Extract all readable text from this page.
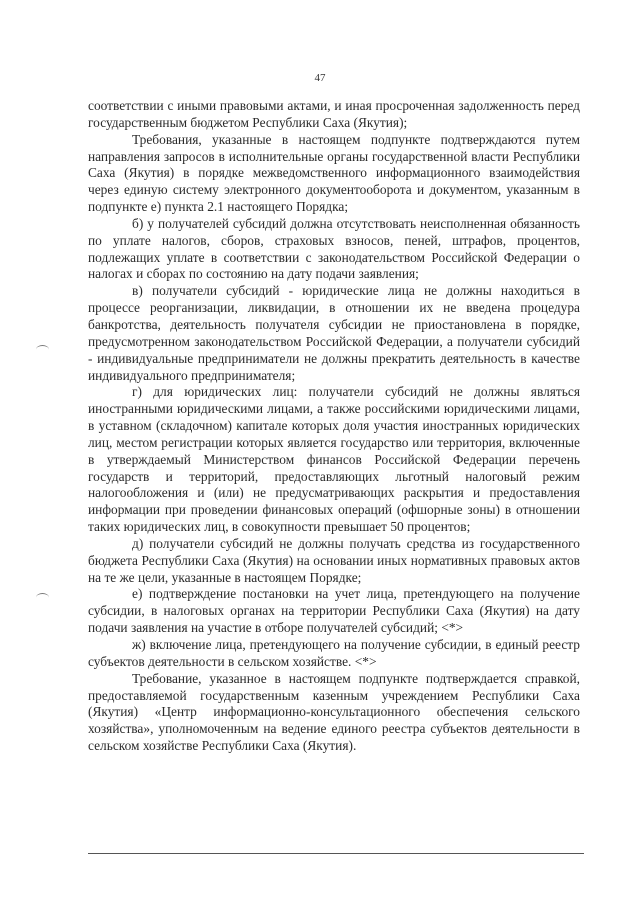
47

соответствии с иными правовыми актами, и иная просроченная задолженность перед государственным бюджетом Республики Саха (Якутия);

Требования, указанные в настоящем подпункте подтверждаются путем направления запросов в исполнительные органы государственной власти Республики Саха (Якутия) в порядке межведомственного информационного взаимодействия через единую систему электронного документооборота и документом, указанным в подпункте е) пункта 2.1 настоящего Порядка;

б) у получателей субсидий должна отсутствовать неисполненная обязанность по уплате налогов, сборов, страховых взносов, пеней, штрафов, процентов, подлежащих уплате в соответствии с законодательством Российской Федерации о налогах и сборах по состоянию на дату подачи заявления;

в) получатели субсидий - юридические лица не должны находиться в процессе реорганизации, ликвидации, в отношении их не введена процедура банкротства, деятельность получателя субсидии не приостановлена в порядке, предусмотренном законодательством Российской Федерации, а получатели субсидий - индивидуальные предприниматели не должны прекратить деятельность в качестве индивидуального предпринимателя;

г) для юридических лиц: получатели субсидий не должны являться иностранными юридическими лицами, а также российскими юридическими лицами, в уставном (складочном) капитале которых доля участия иностранных юридических лиц, местом регистрации которых является государство или территория, включенные в утверждаемый Министерством финансов Российской Федерации перечень государств и территорий, предоставляющих льготный налоговый режим налогообложения и (или) не предусматривающих раскрытия и предоставления информации при проведении финансовых операций (офшорные зоны) в отношении таких юридических лиц, в совокупности превышает 50 процентов;

д) получатели субсидий не должны получать средства из государственного бюджета Республики Саха (Якутия) на основании иных нормативных правовых актов на те же цели, указанные в настоящем Порядке;

е) подтверждение постановки на учет лица, претендующего на получение субсидии, в налоговых органах на территории Республики Саха (Якутия) на дату подачи заявления на участие в отборе получателей субсидий; <*>

ж) включение лица, претендующего на получение субсидии, в единый реестр субъектов деятельности в сельском хозяйстве. <*>

Требование, указанное в настоящем подпункте подтверждается справкой, предоставляемой государственным казенным учреждением Республики Саха (Якутия) «Центр информационно-консультационного обеспечения сельского хозяйства», уполномоченным на ведение единого реестра субъектов деятельности в сельском хозяйстве Республики Саха (Якутия).
